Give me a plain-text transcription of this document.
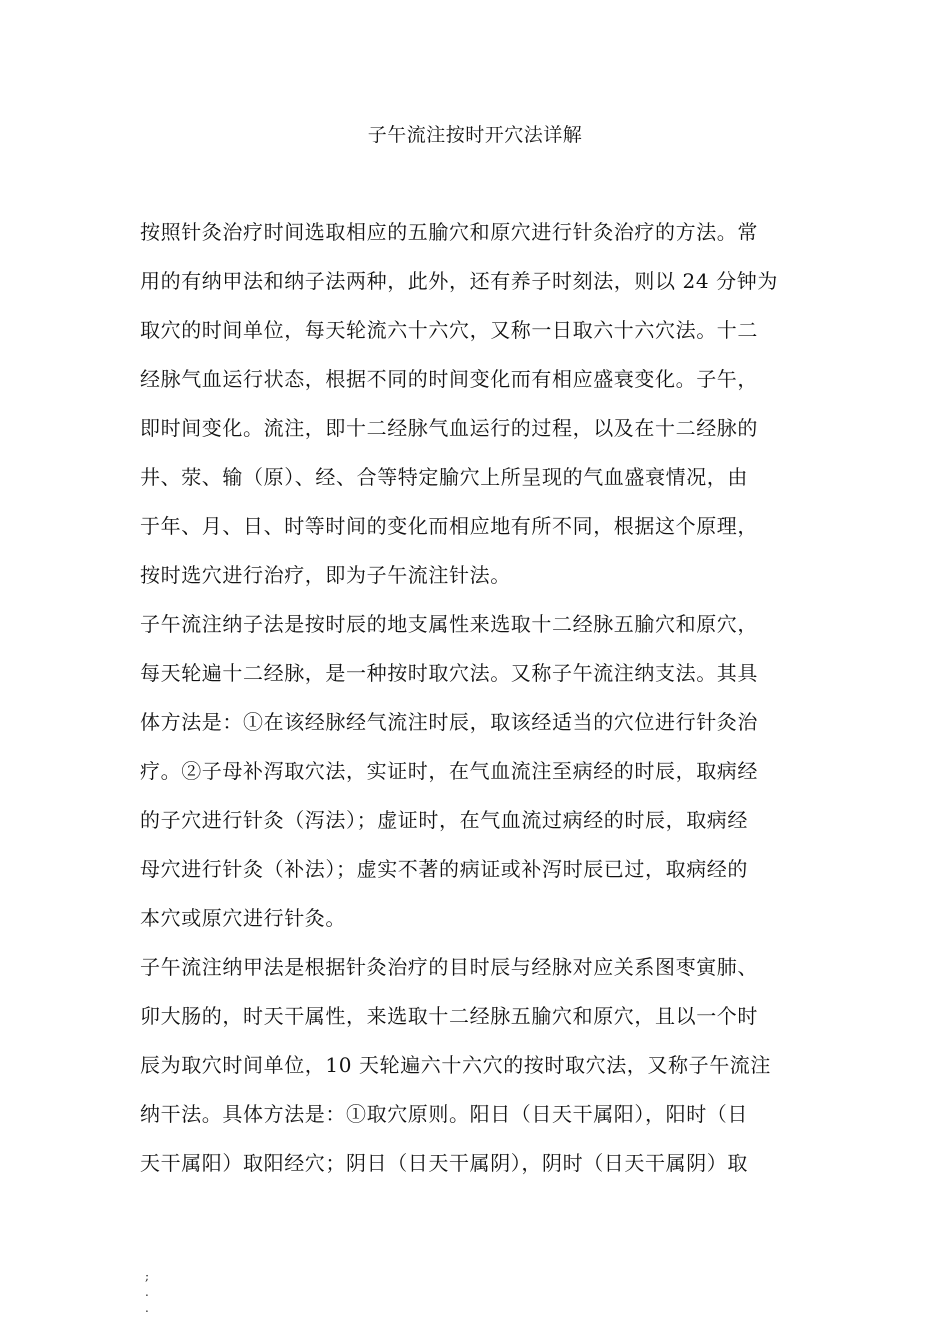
子午流注按时开穴法详解
按照针灸治疗时间选取相应的五腧穴和原穴进行针灸治疗的方法。常
用的有纳甲法和纳子法两种，此外，还有养子时刻法，则以 24 分钟为
取穴的时间单位，每天轮流六十六穴，又称一日取六十六穴法。十二
经脉气血运行状态，根据不同的时间变化而有相应盛衰变化。子午，
即时间变化。流注，即十二经脉气血运行的过程，以及在十二经脉的
井、荥、输（原）、经、合等特定腧穴上所呈现的气血盛衰情况，由
于年、月、日、时等时间的变化而相应地有所不同，根据这个原理，
按时选穴进行治疗，即为子午流注针法。
子午流注纳子法是按时辰的地支属性来选取十二经脉五腧穴和原穴，
每天轮遍十二经脉，是一种按时取穴法。又称子午流注纳支法。其具
体方法是：①在该经脉经气流注时辰，取该经适当的穴位进行针灸治
疗。②子母补泻取穴法，实证时，在气血流注至病经的时辰，取病经
的子穴进行针灸（泻法）；虚证时，在气血流过病经的时辰，取病经
母穴进行针灸（补法）；虚实不著的病证或补泻时辰已过，取病经的
本穴或原穴进行针灸。
子午流注纳甲法是根据针灸治疗的目时辰与经脉对应关系图枣寅肺、
卯大肠的，时天干属性，来选取十二经脉五腧穴和原穴，且以一个时
辰为取穴时间单位，10 天轮遍六十六穴的按时取穴法，又称子午流注
纳干法。具体方法是：①取穴原则。阳日（日天干属阳），阳时（日
天干属阳）取阳经穴；阴日（日天干属阴），阴时（日天干属阴）取
;
.
.
